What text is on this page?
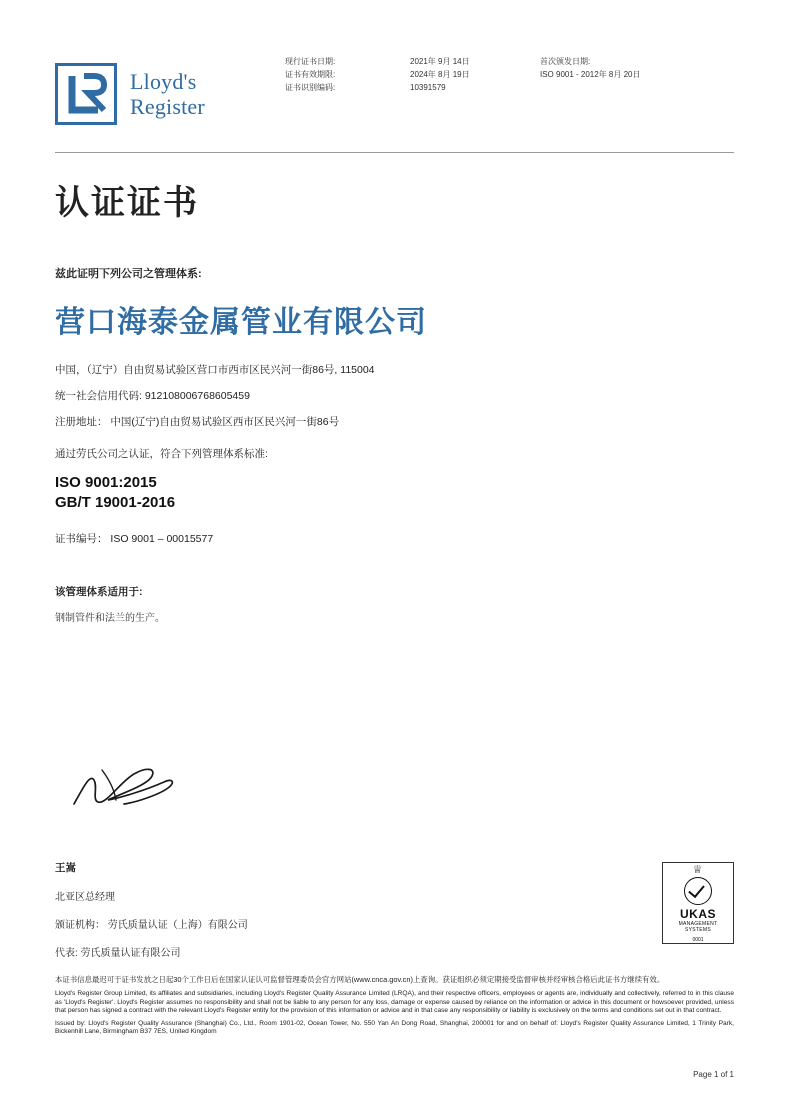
Lloyd's
Register
现行证书日期:
证书有效期限:
证书识别编码:
2021年 9月 14日
2024年 8月 19日
10391579
首次颁发日期:
ISO 9001 - 2012年 8月 20日
认证证书
兹此证明下列公司之管理体系:
营口海泰金属管业有限公司
中国，（辽宁）自由贸易试验区营口市西市区民兴河一街86号, 115004
统一社会信用代码: 912108006768605459
注册地址： 中国(辽宁)自由贸易试验区西市区民兴河一街86号
通过劳氏公司之认证，符合下列管理体系标准:
ISO 9001:2015
GB/T 19001-2016
证书编号： ISO 9001 – 00015577
该管理体系适用于:
钢制管件和法兰的生产。
王嵩
北亚区总经理
颁证机构： 劳氏质量认证（上海）有限公司
代表: 劳氏质量认证有限公司
♕
UKAS
MANAGEMENT
SYSTEMS
0001

本证书信息最迟可于证书发放之日起30个工作日后在国家认证认可监督管理委员会官方网站(www.cnca.gov.cn)上查询。获证组织必须定期接受监督审核并经审核合格后此证书方继续有效。

Lloyd's Register Group Limited, its affiliates and subsidiaries, including Lloyd's Register Quality Assurance Limited (LRQA), and their respective officers, employees or agents are, individually and collectively, referred to in this clause as 'Lloyd's Register'. Lloyd's Register assumes no responsibility and shall not be liable to any person for any loss, damage or expense caused by reliance on the information or advice in this document or howsoever provided, unless that person has signed a contract with the relevant Lloyd's Register entity for the provision of this information or advice and in that case any responsibility or liability is exclusively on the terms and conditions set out in that contract.

Issued by: Lloyd's Register Quality Assurance (Shanghai) Co., Ltd., Room 1901-02, Ocean Tower, No. 550 Yan An Dong Road, Shanghai, 200001 for and on behalf of: Lloyd's Register Quality Assurance Limited, 1 Trinity Park, Bickenhill Lane, Birmingham B37 7ES, United Kingdom

Page 1 of 1
